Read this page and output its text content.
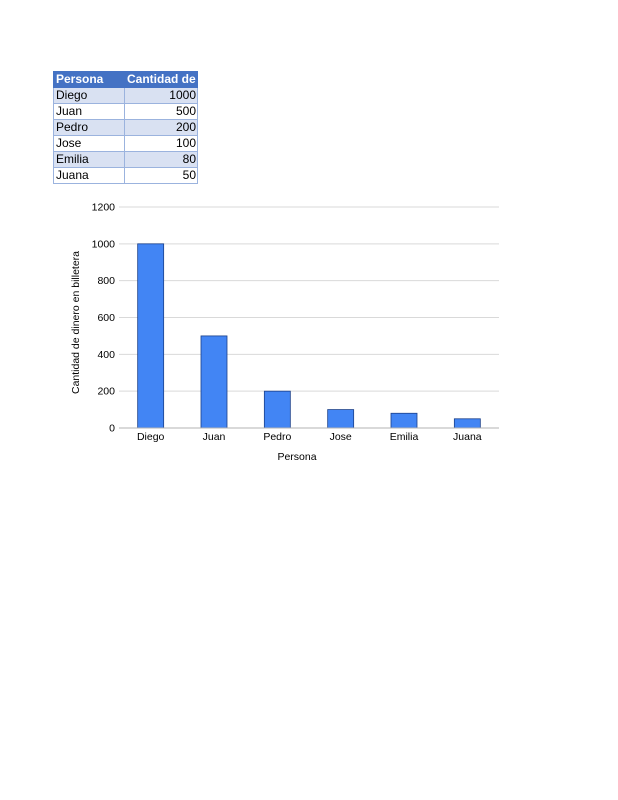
Persona	Cantidad de dinero en billetera
Diego	1000
Juan	500
Pedro	200
Jose	100
Emilia	80
Juana	50
0
200
400
600
800
1000
1200
Diego	Juan	Pedro	Jose	Emilia	Juana
Persona
Cantidad de dinero en billetera
